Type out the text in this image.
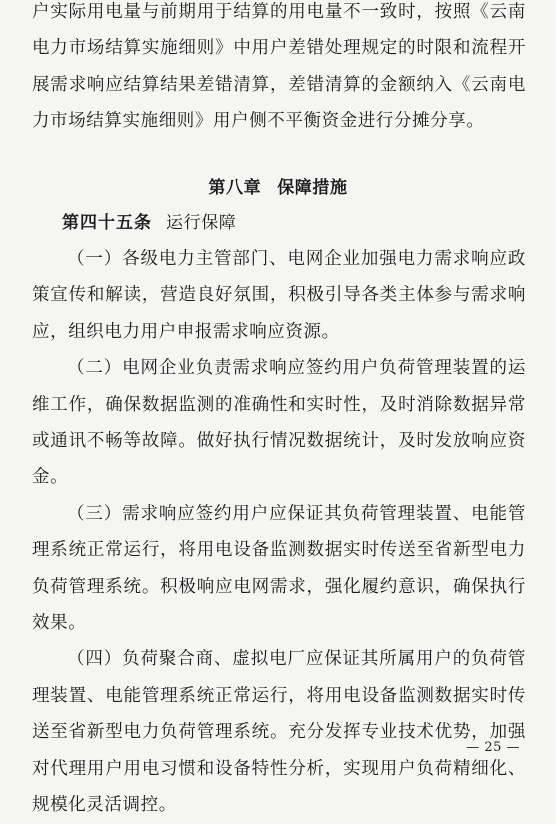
户实际用电量与前期用于结算的用电量不一致时，按照《云南电力市场结算实施细则》中用户差错处理规定的时限和流程开展需求响应结算结果差错清算，差错清算的金额纳入《云南电力市场结算实施细则》用户侧不平衡资金进行分摊分享。

第八章 保障措施
第四十五条 运行保障

（一）各级电力主管部门、电网企业加强电力需求响应政策宣传和解读，营造良好氛围，积极引导各类主体参与需求响应，组织电力用户申报需求响应资源。

（二）电网企业负责需求响应签约用户负荷管理装置的运维工作，确保数据监测的准确性和实时性，及时消除数据异常或通讯不畅等故障。做好执行情况数据统计，及时发放响应资金。

（三）需求响应签约用户应保证其负荷管理装置、电能管理系统正常运行，将用电设备监测数据实时传送至省新型电力负荷管理系统。积极响应电网需求，强化履约意识，确保执行效果。

（四）负荷聚合商、虚拟电厂应保证其所属用户的负荷管理装置、电能管理系统正常运行，将用电设备监测数据实时传送至省新型电力负荷管理系统。充分发挥专业技术优势，加强对代理用户用电习惯和设备特性分析，实现用户负荷精细化、规模化灵活调控。

— 25 —
